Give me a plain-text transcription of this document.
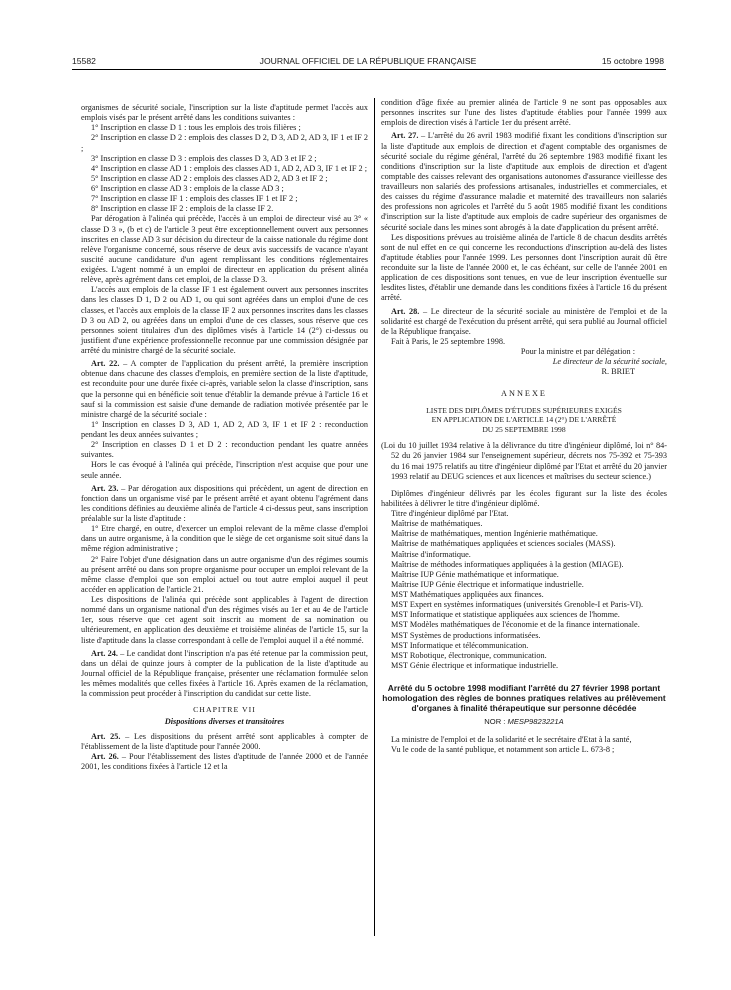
15582	JOURNAL OFFICIEL DE LA RÉPUBLIQUE FRANÇAISE	15 octobre 1998

organismes de sécurité sociale, l'inscription sur la liste d'aptitude permet l'accès aux emplois visés par le présent arrêté dans les conditions suivantes :

1° Inscription en classe D 1 : tous les emplois des trois filières ;

2° Inscription en classe D 2 : emplois des classes D 2, D 3, AD 2, AD 3, IF 1 et IF 2 ;

3° Inscription en classe D 3 : emplois des classes D 3, AD 3 et IF 2 ;

4° Inscription en classe AD 1 : emplois des classes AD 1, AD 2, AD 3, IF 1 et IF 2 ;

5° Inscription en classe AD 2 : emplois des classes AD 2, AD 3 et IF 2 ;

6° Inscription en classe AD 3 : emplois de la classe AD 3 ;

7° Inscription en classe IF 1 : emplois des classes IF 1 et IF 2 ;

8° Inscription en classe IF 2 : emplois de la classe IF 2.

Par dérogation à l'alinéa qui précède, l'accès à un emploi de directeur visé au 3° « classe D 3 », (b et c) de l'article 3 peut être exceptionnellement ouvert aux personnes inscrites en classe AD 3 sur décision du directeur de la caisse nationale du régime dont relève l'organisme concerné, sous réserve de deux avis successifs de vacance n'ayant suscité aucune candidature d'un agent remplissant les conditions réglementaires exigées. L'agent nommé à un emploi de directeur en application du présent alinéa relève, après agrément dans cet emploi, de la classe D 3.

L'accès aux emplois de la classe IF 1 est également ouvert aux personnes inscrites dans les classes D 1, D 2 ou AD 1, ou qui sont agréées dans un emploi d'une de ces classes, et l'accès aux emplois de la classe IF 2 aux personnes inscrites dans les classes D 3 ou AD 2, ou agréées dans un emploi d'une de ces classes, sous réserve que ces personnes soient titulaires d'un des diplômes visés à l'article 14 (2°) ci-dessus ou justifient d'une expérience professionnelle reconnue par une commission désignée par arrêté du ministre chargé de la sécurité sociale.

Art. 22. – A compter de l'application du présent arrêté, la première inscription obtenue dans chacune des classes d'emplois, en première section de la liste d'aptitude, est reconduite pour une durée fixée ci-après, variable selon la classe d'inscription, sans que la personne qui en bénéficie soit tenue d'établir la demande prévue à l'article 16 et sauf si la commission est saisie d'une demande de radiation motivée présentée par le ministre chargé de la sécurité sociale :

1° Inscription en classes D 3, AD 1, AD 2, AD 3, IF 1 et IF 2 : reconduction pendant les deux années suivantes ;

2° Inscription en classes D 1 et D 2 : reconduction pendant les quatre années suivantes.

Hors le cas évoqué à l'alinéa qui précède, l'inscription n'est acquise que pour une seule année.

Art. 23. – Par dérogation aux dispositions qui précèdent, un agent de direction en fonction dans un organisme visé par le présent arrêté et ayant obtenu l'agrément dans les conditions définies au deuxième alinéa de l'article 4 ci-dessus peut, sans inscription préalable sur la liste d'aptitude :

1° Etre chargé, en outre, d'exercer un emploi relevant de la même classe d'emploi dans un autre organisme, à la condition que le siège de cet organisme soit situé dans la même région administrative ;

2° Faire l'objet d'une désignation dans un autre organisme d'un des régimes soumis au présent arrêté ou dans son propre organisme pour occuper un emploi relevant de la même classe d'emploi que son emploi actuel ou tout autre emploi auquel il peut accéder en application de l'article 21.

Les dispositions de l'alinéa qui précède sont applicables à l'agent de direction nommé dans un organisme national d'un des régimes visés au 1er et au 4e de l'article 1er, sous réserve que cet agent soit inscrit au moment de sa nomination ou ultérieurement, en application des deuxième et troisième alinéas de l'article 15, sur la liste d'aptitude dans la classe correspondant à celle de l'emploi auquel il a été nommé.

Art. 24. – Le candidat dont l'inscription n'a pas été retenue par la commission peut, dans un délai de quinze jours à compter de la publication de la liste d'aptitude au Journal officiel de la République française, présenter une réclamation formulée selon les mêmes modalités que celles fixées à l'article 16. Après examen de la réclamation, la commission peut procéder à l'inscription du candidat sur cette liste.

CHAPITRE VII
Dispositions diverses et transitoires

Art. 25. – Les dispositions du présent arrêté sont applicables à compter de l'établissement de la liste d'aptitude pour l'année 2000.

Art. 26. – Pour l'établissement des listes d'aptitude de l'année 2000 et de l'année 2001, les conditions fixées à l'article 12 et la

condition d'âge fixée au premier alinéa de l'article 9 ne sont pas opposables aux personnes inscrites sur l'une des listes d'aptitude établies pour l'année 1999 aux emplois de direction visés à l'article 1er du présent arrêté.

Art. 27. – L'arrêté du 26 avril 1983 modifié fixant les conditions d'inscription sur la liste d'aptitude aux emplois de direction et d'agent comptable des organismes de sécurité sociale du régime général, l'arrêté du 26 septembre 1983 modifié fixant les conditions d'inscription sur la liste d'aptitude aux emplois de direction et d'agent comptable des caisses relevant des organisations autonomes d'assurance vieillesse des travailleurs non salariés des professions artisanales, industrielles et commerciales, et des caisses du régime d'assurance maladie et maternité des travailleurs non salariés des professions non agricoles et l'arrêté du 5 août 1985 modifié fixant les conditions d'inscription sur la liste d'aptitude aux emplois de cadre supérieur des organismes de sécurité sociale dans les mines sont abrogés à la date d'application du présent arrêté.

Les dispositions prévues au troisième alinéa de l'article 8 de chacun desdits arrêtés sont de nul effet en ce qui concerne les reconductions d'inscription au-delà des listes d'aptitude établies pour l'année 1999. Les personnes dont l'inscription aurait dû être reconduite sur la liste de l'année 2000 et, le cas échéant, sur celle de l'année 2001 en application de ces dispositions sont tenues, en vue de leur inscription éventuelle sur lesdites listes, d'établir une demande dans les conditions fixées à l'article 16 du présent arrêté.

Art. 28. – Le directeur de la sécurité sociale au ministère de l'emploi et de la solidarité est chargé de l'exécution du présent arrêté, qui sera publié au Journal officiel de la République française.

Fait à Paris, le 25 septembre 1998.

Pour la ministre et par délégation :
Le directeur de la sécurité sociale,
R. BRIET
ANNEXE
LISTE DES DIPLÔMES D'ÉTUDES SUPÉRIEURES EXIGÉS
EN APPLICATION DE L'ARTICLE 14 (2°) DE L'ARRÊTÉ
DU 25 SEPTEMBRE 1998
(Loi du 10 juillet 1934 relative à la délivrance du titre d'ingénieur diplômé, loi n° 84-52 du 26 janvier 1984 sur l'enseignement supérieur, décrets nos 75-392 et 75-393 du 16 mai 1975 relatifs au titre d'ingénieur diplômé par l'Etat et arrêté du 20 janvier 1993 relatif au DEUG sciences et aux licences et maîtrises du secteur science.)

Diplômes d'ingénieur délivrés par les écoles figurant sur la liste des écoles habilitées à délivrer le titre d'ingénieur diplômé.

Titre d'ingénieur diplômé par l'Etat.

Maîtrise de mathématiques.

Maîtrise de mathématiques, mention Ingénierie mathématique.

Maîtrise de mathématiques appliquées et sciences sociales (MASS).

Maîtrise d'informatique.

Maîtrise de méthodes informatiques appliquées à la gestion (MIAGE).

Maîtrise IUP Génie mathématique et informatique.

Maîtrise IUP Génie électrique et informatique industrielle.

MST Mathématiques appliquées aux finances.

MST Expert en systèmes informatiques (universités Grenoble-I et Paris-VI).

MST Informatique et statistique appliquées aux sciences de l'homme.

MST Modèles mathématiques de l'économie et de la finance internationale.

MST Systèmes de productions informatisées.

MST Informatique et télécommunication.

MST Robotique, électronique, communication.

MST Génie électrique et informatique industrielle.

Arrêté du 5 octobre 1998 modifiant l'arrêté du 27 février 1998 portant homologation des règles de bonnes pratiques relatives au prélèvement d'organes à finalité thérapeutique sur personne décédée
NOR : MESP9823221A

La ministre de l'emploi et de la solidarité et le secrétaire d'Etat à la santé,

Vu le code de la santé publique, et notamment son article L. 673-8 ;
